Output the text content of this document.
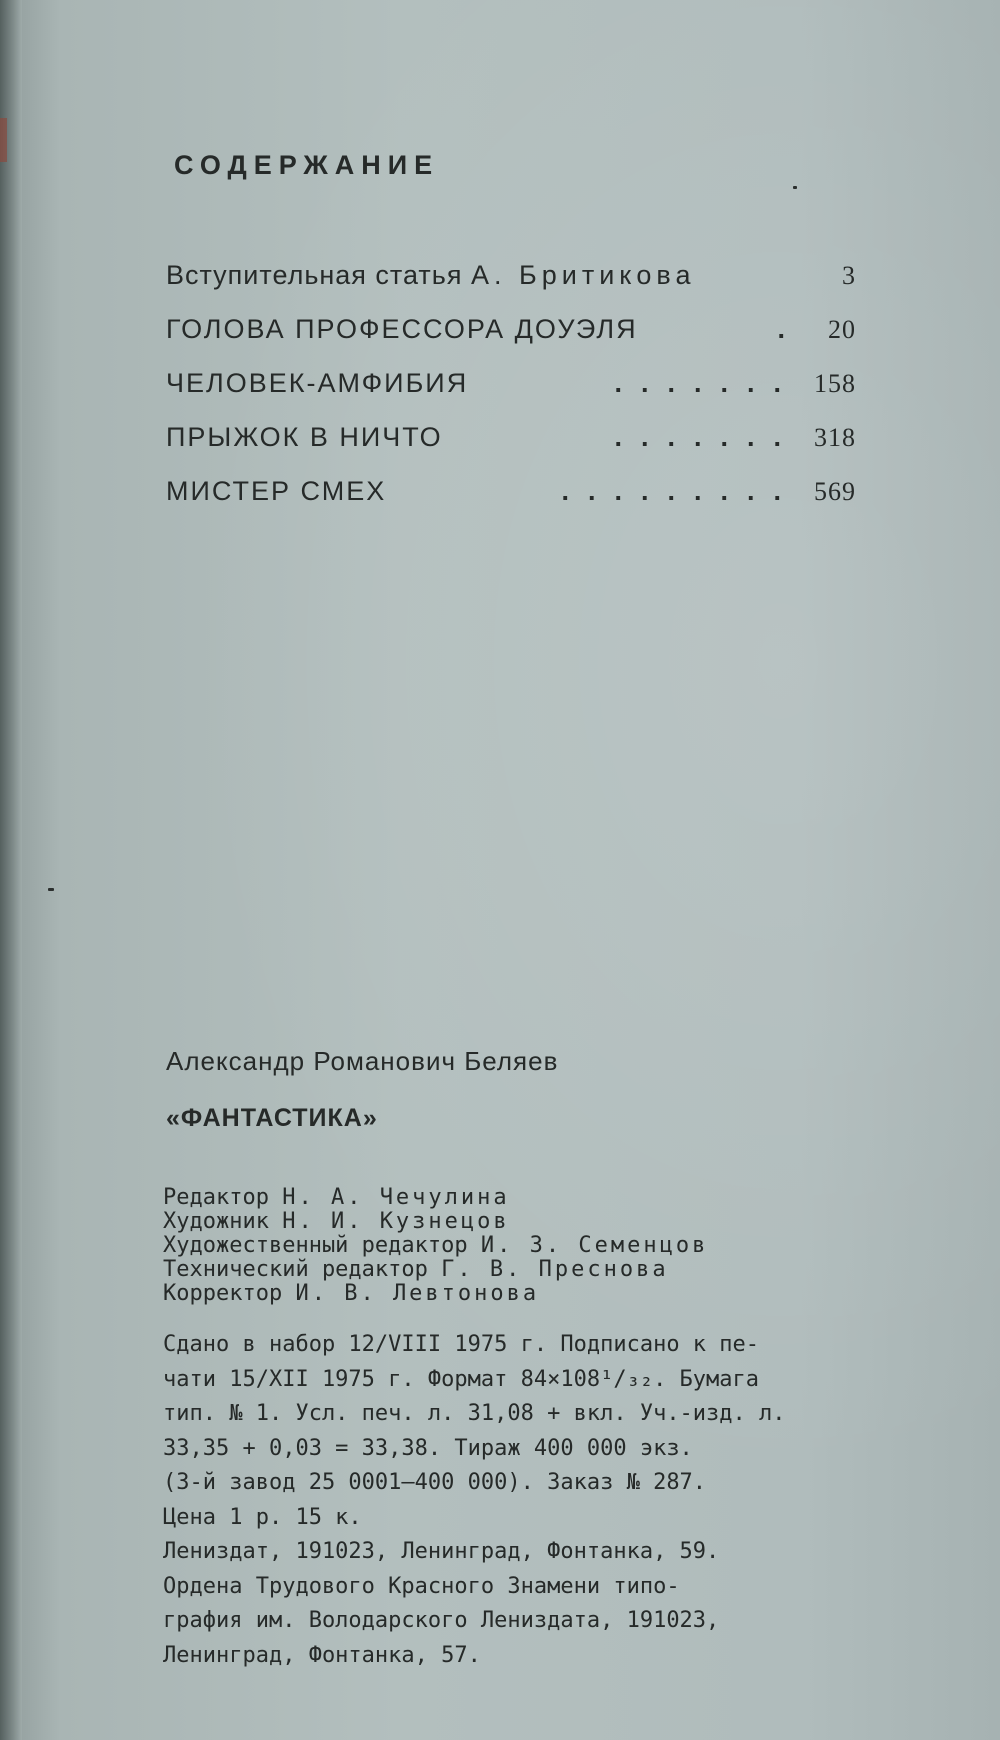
СОДЕРЖАНИЕ
Вступительная статья А. Бритикова	3
ГОЛОВА ПРОФЕССОРА ДОУЭЛЯ	. 20
ЧЕЛОВЕК-АМФИБИЯ	....... 158
ПРЫЖОК В НИЧТО	....... 318
МИСТЕР СМЕХ	......... 569

Александр Романович Беляев

«ФАНТАСТИКА»

Редактор Н. А. Чечулина
Художник Н. И. Кузнецов
Художественный редактор И. З. Семенцов
Технический редактор Г. В. Преснова
Корректор И. В. Левтонова
Сдано в набор 12/VIII 1975 г. Подписано к пе-
чати 15/XII 1975 г. Формат 84×108¹/₃₂. Бумага
тип. № 1. Усл. печ. л. 31,08 + вкл. Уч.-изд. л.
33,35 + 0,03 = 33,38. Тираж 400 000 экз.
(3-й завод 25 0001—400 000). Заказ № 287.
Цена 1 р. 15 к.
Лениздат, 191023, Ленинград, Фонтанка, 59.
Ордена Трудового Красного Знамени типо-
графия им. Володарского Лениздата, 191023,
Ленинград, Фонтанка, 57.
